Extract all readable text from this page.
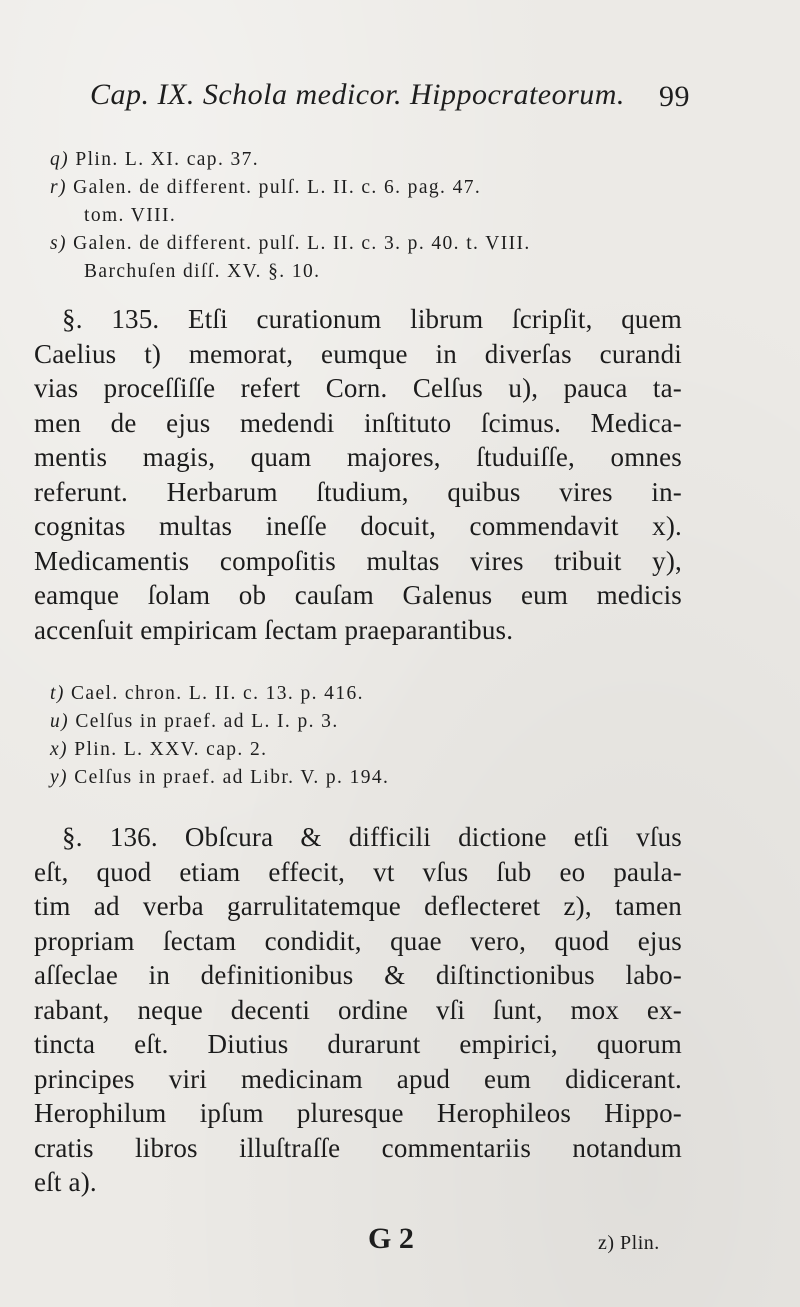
Cap. IX. Schola medicor. Hippocrateorum. 99
q) Plin. L. XI. cap. 37.
r) Galen. de different. pulſ. L. II. c. 6. pag. 47.
tom. VIII.
s) Galen. de different. pulſ. L. II. c. 3. p. 40. t. VIII.
Barchuſen diſſ. XV. §. 10.
§. 135. Etſi curationum librum ſcripſit, quem
Caelius t) memorat, eumque in diverſas curandi
vias proceſſiſſe refert Corn. Celſus u), pauca ta-
men de ejus medendi inſtituto ſcimus. Medica-
mentis magis, quam majores, ſtuduiſſe, omnes
referunt. Herbarum ſtudium, quibus vires in-
cognitas multas ineſſe docuit, commendavit x).
Medicamentis compoſitis multas vires tribuit y),
eamque ſolam ob cauſam Galenus eum medicis
accenſuit empiricam ſectam praeparantibus.
t) Cael. chron. L. II. c. 13. p. 416.
u) Celſus in praef. ad L. I. p. 3.
x) Plin. L. XXV. cap. 2.
y) Celſus in praef. ad Libr. V. p. 194.
§. 136. Obſcura & difficili dictione etſi vſus
eſt, quod etiam effecit, vt vſus ſub eo paula-
tim ad verba garrulitatemque deflecteret z), tamen
propriam ſectam condidit, quae vero, quod ejus
aſſeclae in definitionibus & diſtinctionibus labo-
rabant, neque decenti ordine vſi ſunt, mox ex-
tincta eſt. Diutius durarunt empirici, quorum
principes viri medicinam apud eum didicerant.
Herophilum ipſum pluresque Herophileos Hippo-
cratis libros illuſtraſſe commentariis notandum
eſt a).
G 2	z) Plin.
